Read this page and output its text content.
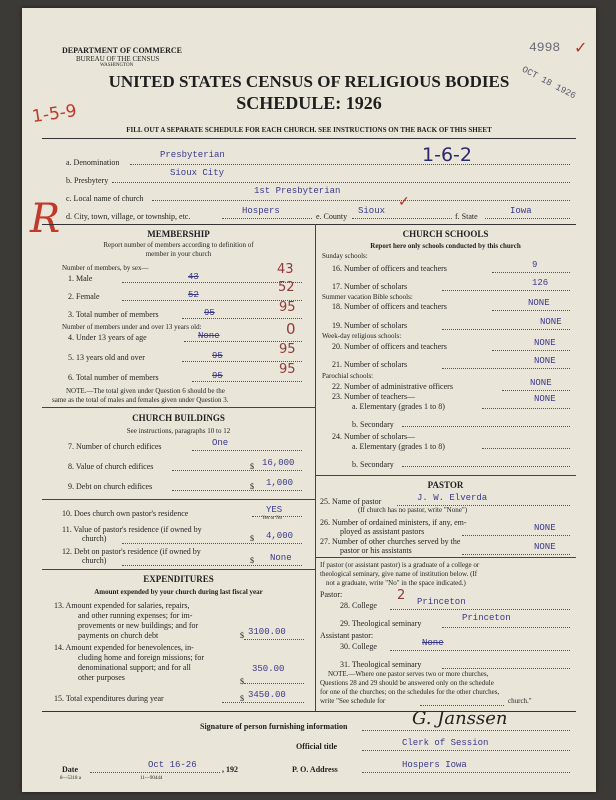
DEPARTMENT OF COMMERCE
BUREAU OF THE CENSUS
WASHINGTON
UNITED STATES CENSUS OF RELIGIOUS BODIES
SCHEDULE: 1926
FILL OUT A SEPARATE SCHEDULE FOR EACH CHURCH. SEE INSTRUCTIONS ON THE BACK OF THIS SHEET
4998 ✓
OCT 18 1926
1-5-9
1-6-2
R
a. Denomination
Presbyterian
b. Presbytery
Sioux City
c. Local name of church
1st Presbyterian
d. City, town, village, or township, etc.
Hospers
e. County
Sioux
✓
f. State
Iowa
MEMBERSHIP
Report number of members according to definition of
member in your church
Number of members, by sex—
1. Male	43	43
2. Female	52	52
3. Total number of members	95	95
Number of members under and over 13 years old:
4. Under 13 years of age	None	0
5. 13 years old and over	95	95
6. Total number of members	95	95
NOTE.—The total given under Question 6 should be the
same as the total of males and females given under Question 3.
CHURCH BUILDINGS
See instructions, paragraphs 10 to 12
7. Number of church edifices	One
8. Value of church edifices	$ 16,000
9. Debt on church edifices	$ 1,000
10. Does church own pastor's residence	YES
Yes or No
11. Value of pastor's residence (if owned by
church)	$ 4,000
12. Debt on pastor's residence (if owned by
church)	$ None
EXPENDITURES
Amount expended by your church during last fiscal year
13. Amount expended for salaries, repairs,
and other running expenses; for im-
provements or new buildings; and for
payments on church debt	$ 3100.00
14. Amount expended for benevolences, in-
cluding home and foreign missions; for
denominational support; and for all
other purposes	$
350.00
15. Total expenditures during year	$ 3450.00
CHURCH SCHOOLS
Report here only schools conducted by this church
Sunday schools:
16. Number of officers and teachers	9
17. Number of scholars	126
Summer vacation Bible schools:
18. Number of officers and teachers	NONE
19. Number of scholars	NONE
Week-day religious schools:
20. Number of officers and teachers	NONE
21. Number of scholars	NONE
Parochial schools:
22. Number of administrative officers	NONE
23. Number of teachers—
a. Elementary (grades 1 to 8)
NONE
b. Secondary
24. Number of scholars—
a. Elementary (grades 1 to 8)
b. Secondary
PASTOR
25. Name of pastor	J. W. Elverda
(If church has no pastor, write "None")
26. Number of ordained ministers, if any, em-
ployed as assistant pastors	NONE
27. Number of other churches served by the
pastor or his assistants	NONE
If pastor (or assistant pastor) is a graduate of a college or
theological seminary, give name of institution below. (If
not a graduate, write "No" in the space indicated.)
Pastor:
28. College
2 Princeton
29. Theological seminary
Princeton
Assistant pastor:
30. College	None
31. Theological seminary
NOTE.—Where one pastor serves two or more churches,
Questions 28 and 29 should be answered only on the schedule
for one of the churches; on the schedules for the other churches,
write "See schedule for	church."
Signature of person furnishing information	G. Janssen
Official title	Clerk of Session
Date	Oct 16-26	, 192	P. O. Address	Hospers Iowa
8—5318 a	11—90444
